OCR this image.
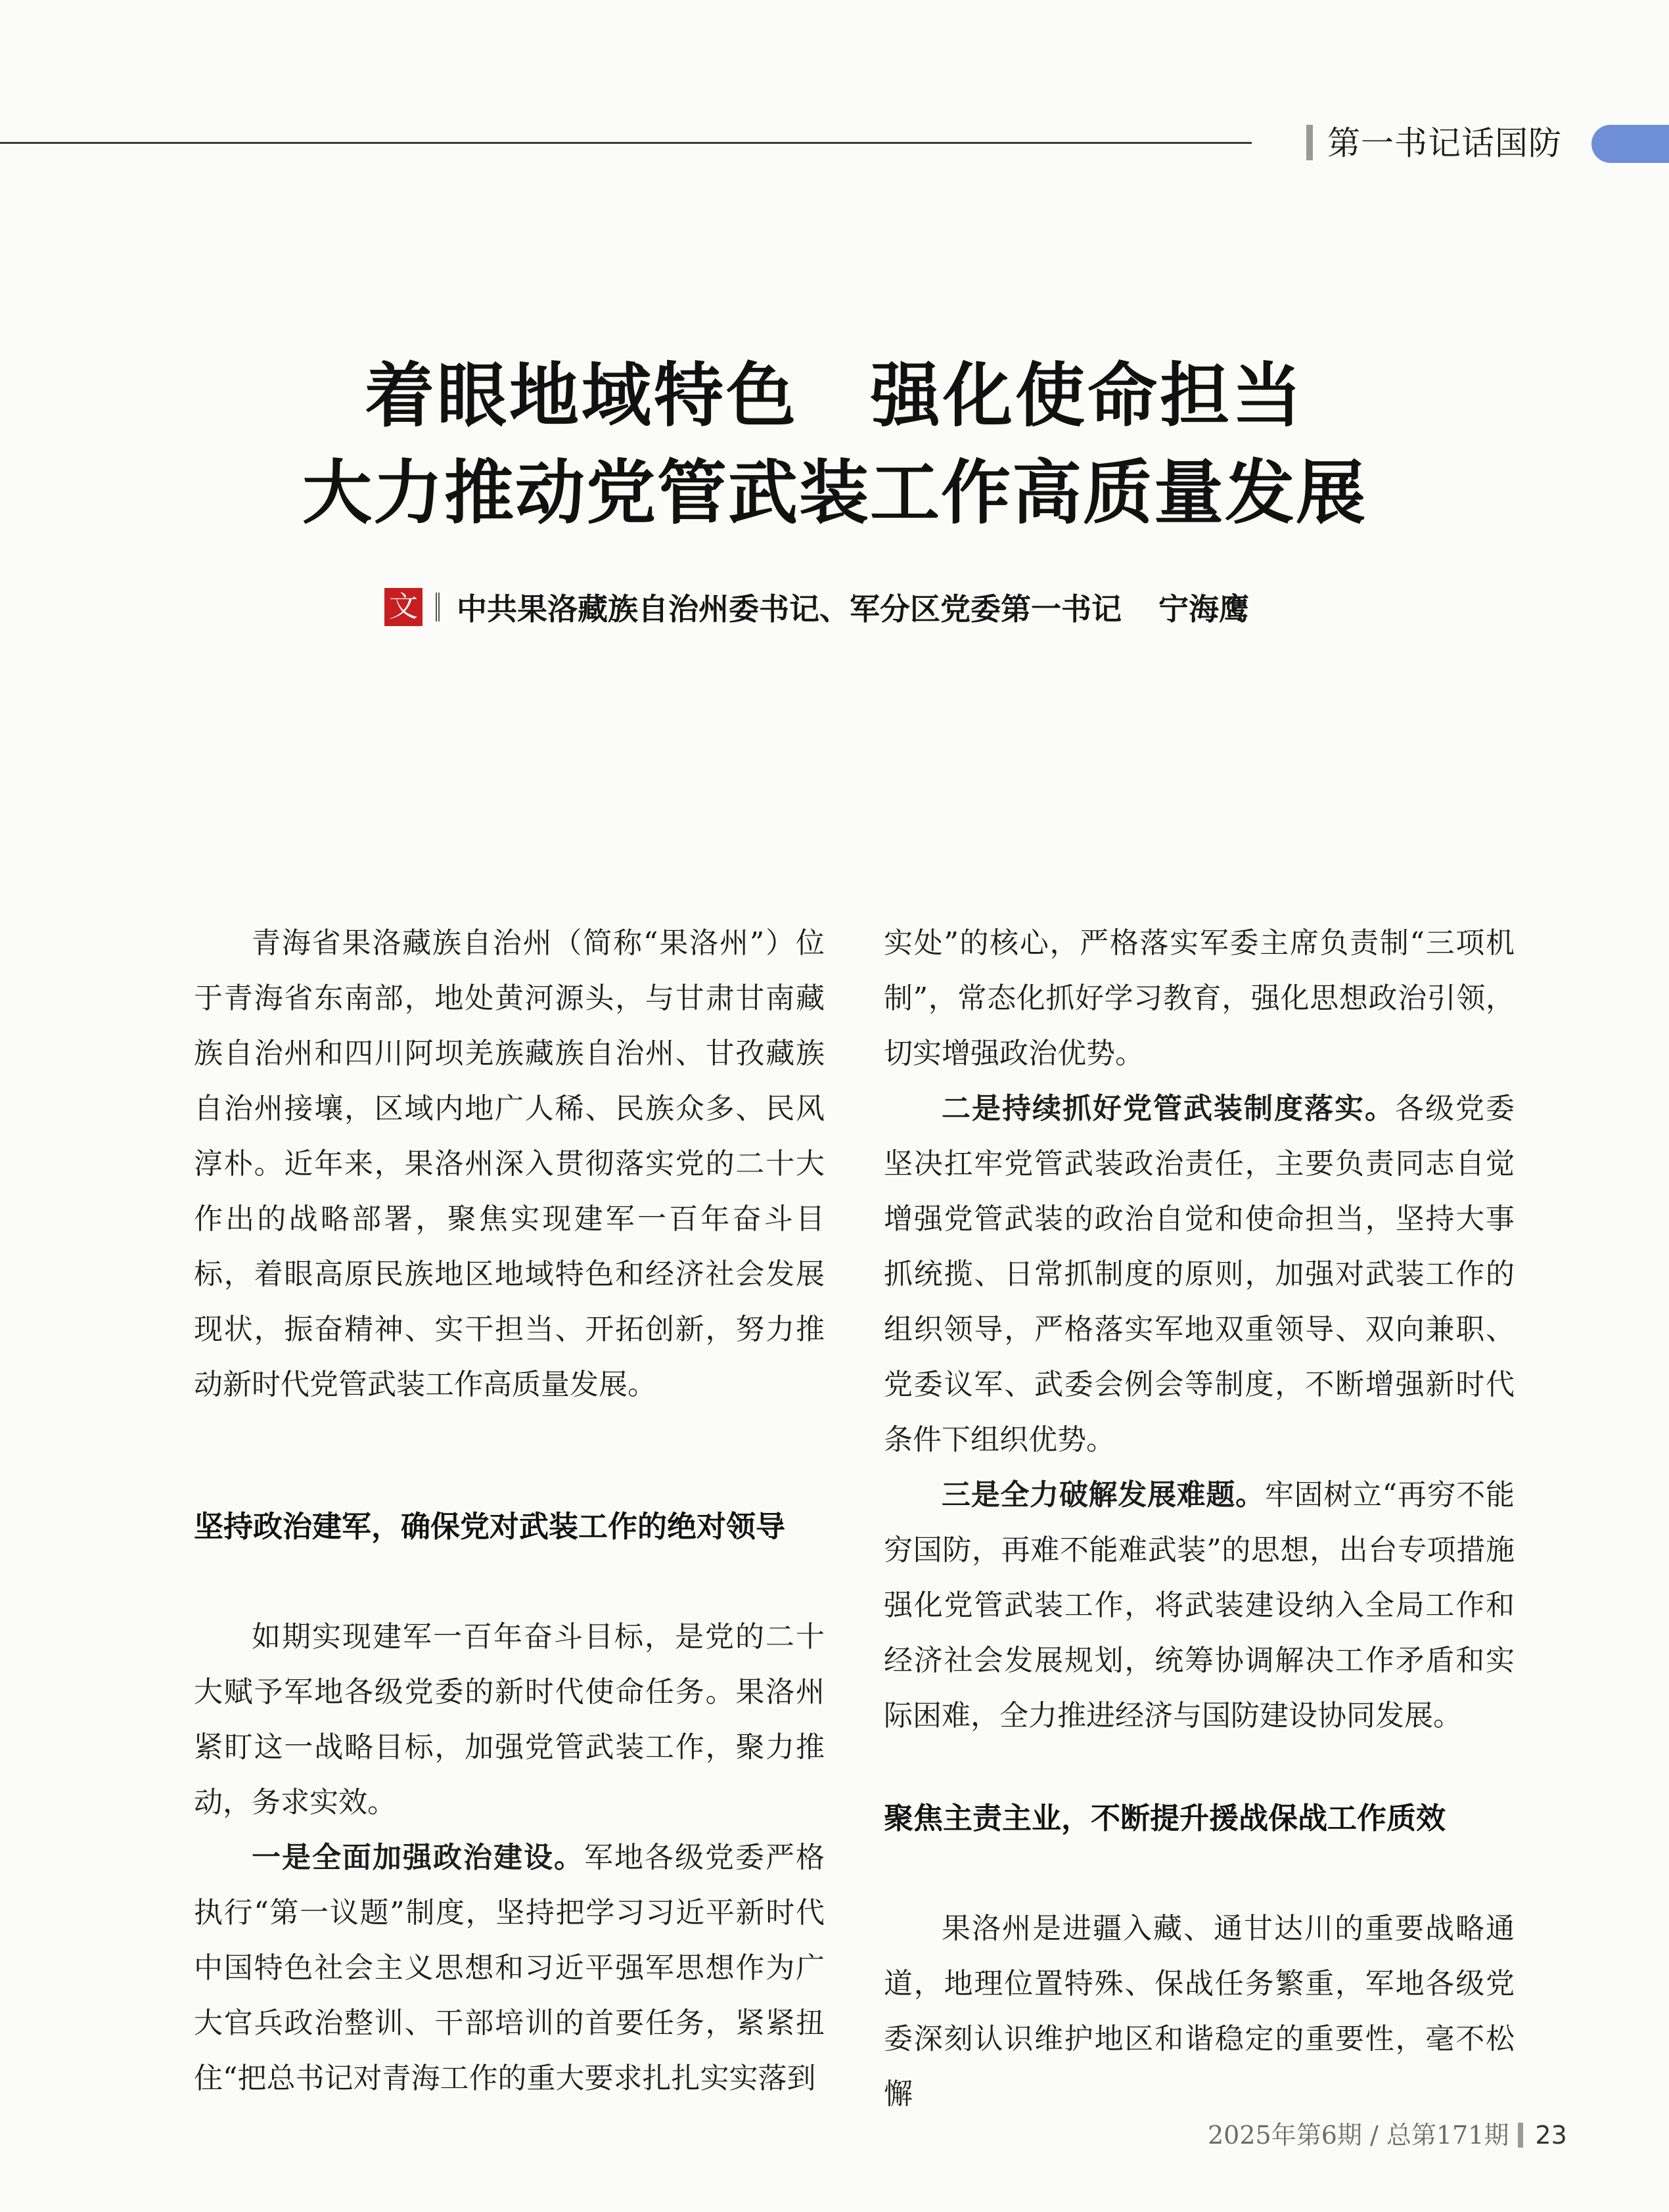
第一书记话国防
着眼地域特色　强化使命担当
大力推动党管武装工作高质量发展
文 中共果洛藏族自治州委书记、军分区党委第一书记 宁海鹰

青海省果洛藏族自治州（简称“果洛州”）位于青海省东南部，地处黄河源头，与甘肃甘南藏族自治州和四川阿坝羌族藏族自治州、甘孜藏族自治州接壤，区域内地广人稀、民族众多、民风淳朴。近年来，果洛州深入贯彻落实党的二十大作出的战略部署，聚焦实现建军一百年奋斗目标，着眼高原民族地区地域特色和经济社会发展现状，振奋精神、实干担当、开拓创新，努力推动新时代党管武装工作高质量发展。

坚持政治建军，确保党对武装工作的绝对领导

如期实现建军一百年奋斗目标，是党的二十大赋予军地各级党委的新时代使命任务。果洛州紧盯这一战略目标，加强党管武装工作，聚力推动，务求实效。

一是全面加强政治建设。军地各级党委严格执行“第一议题”制度，坚持把学习习近平新时代中国特色社会主义思想和习近平强军思想作为广大官兵政治整训、干部培训的首要任务，紧紧扭住“把总书记对青海工作的重大要求扎扎实实落到

实处”的核心，严格落实军委主席负责制“三项机制”，常态化抓好学习教育，强化思想政治引领，切实增强政治优势。

二是持续抓好党管武装制度落实。各级党委坚决扛牢党管武装政治责任，主要负责同志自觉增强党管武装的政治自觉和使命担当，坚持大事抓统揽、日常抓制度的原则，加强对武装工作的组织领导，严格落实军地双重领导、双向兼职、党委议军、武委会例会等制度，不断增强新时代条件下组织优势。

三是全力破解发展难题。牢固树立“再穷不能穷国防，再难不能难武装”的思想，出台专项措施强化党管武装工作，将武装建设纳入全局工作和经济社会发展规划，统筹协调解决工作矛盾和实际困难，全力推进经济与国防建设协同发展。

聚焦主责主业，不断提升援战保战工作质效

果洛州是进疆入藏、通甘达川的重要战略通道，地理位置特殊、保战任务繁重，军地各级党委深刻认识维护地区和谐稳定的重要性，毫不松懈

2025年第6期 / 总第171期 23
